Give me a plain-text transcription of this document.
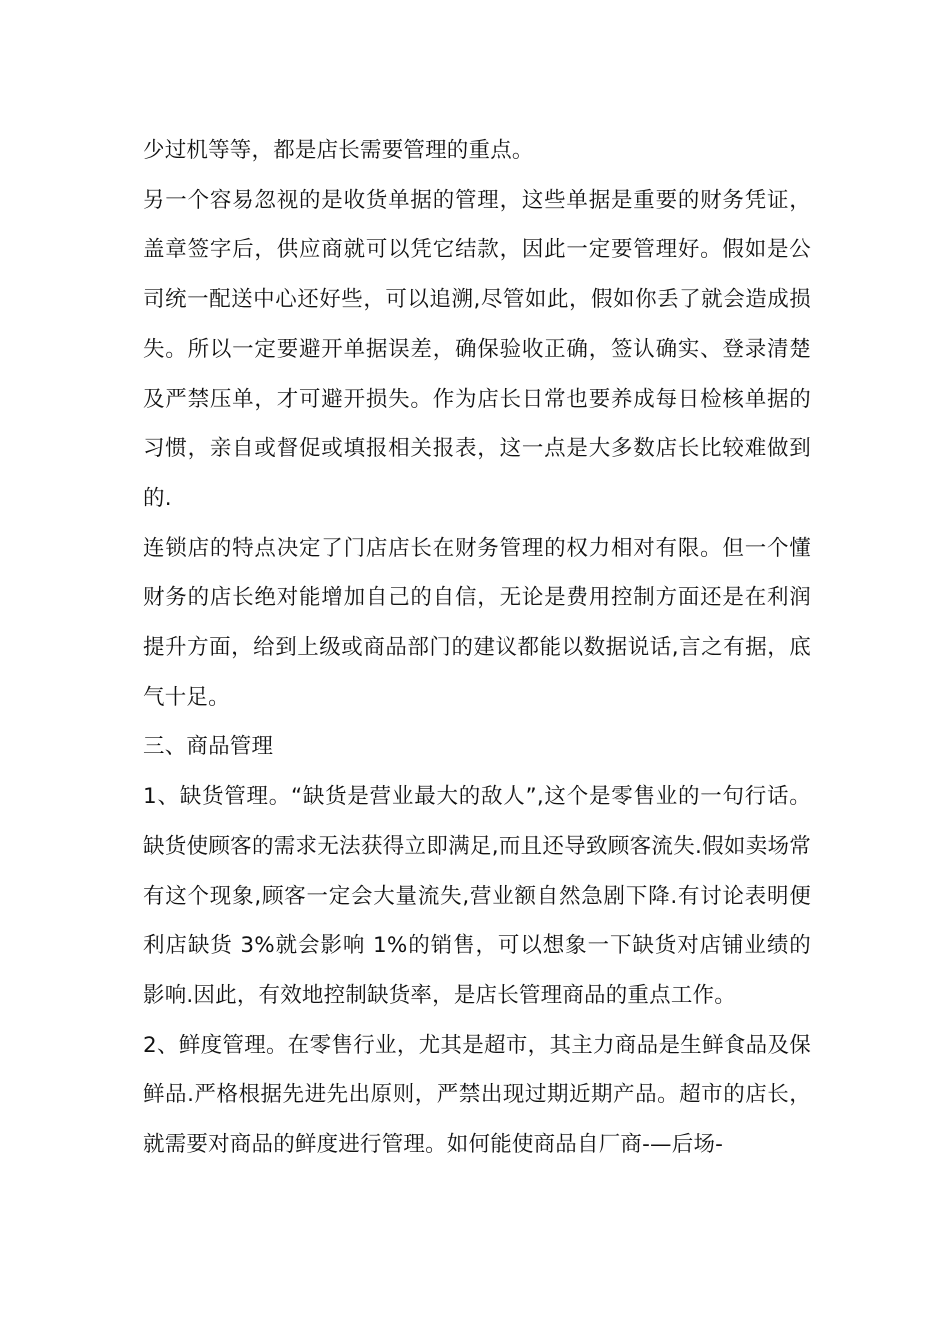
少过机等等，都是店长需要管理的重点。

另一个容易忽视的是收货单据的管理，这些单据是重要的财务凭证，盖章签字后，供应商就可以凭它结款，因此一定要管理好。假如是公司统一配送中心还好些，可以追溯,尽管如此，假如你丢了就会造成损失。所以一定要避开单据误差，确保验收正确，签认确实、登录清楚及严禁压单，才可避开损失。作为店长日常也要养成每日检核单据的习惯，亲自或督促或填报相关报表，这一点是大多数店长比较难做到的.

连锁店的特点决定了门店店长在财务管理的权力相对有限。但一个懂财务的店长绝对能增加自己的自信，无论是费用控制方面还是在利润提升方面，给到上级或商品部门的建议都能以数据说话,言之有据，底气十足。

三、商品管理

1、缺货管理。“缺货是营业最大的敌人”,这个是零售业的一句行话。缺货使顾客的需求无法获得立即满足,而且还导致顾客流失.假如卖场常有这个现象,顾客一定会大量流失,营业额自然急剧下降.有讨论表明便利店缺货 3%就会影响 1%的销售，可以想象一下缺货对店铺业绩的影响.因此，有效地控制缺货率，是店长管理商品的重点工作。

2、鲜度管理。在零售行业，尤其是超市，其主力商品是生鲜食品及保鲜品.严格根据先进先出原则，严禁出现过期近期产品。超市的店长，就需要对商品的鲜度进行管理。如何能使商品自厂商-—后场-
